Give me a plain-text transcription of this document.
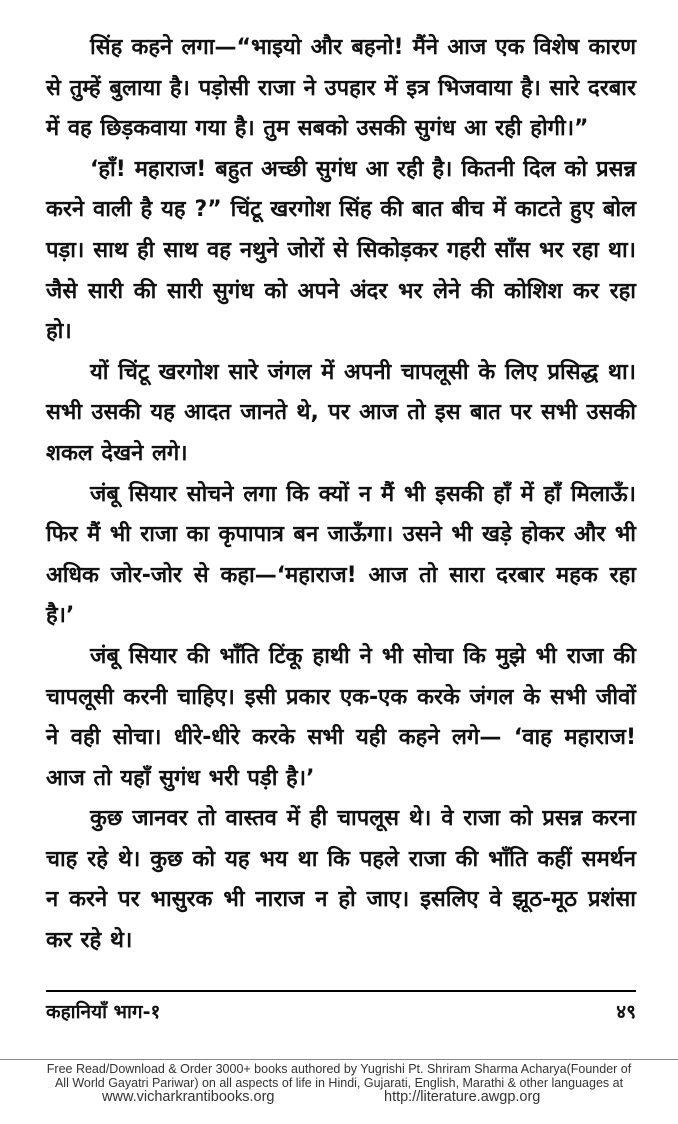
सिंह कहने लगा—“भाइयो और बहनो! मैंने आज एक विशेष कारण से तुम्हें बुलाया है। पड़ोसी राजा ने उपहार में इत्र भिजवाया है। सारे दरबार में वह छिड़कवाया गया है। तुम सबको उसकी सुगंध आ रही होगी।”

‘हाँ! महाराज! बहुत अच्छी सुगंध आ रही है। कितनी दिल को प्रसन्न करने वाली है यह ?” चिंटू खरगोश सिंह की बात बीच में काटते हुए बोल पड़ा। साथ ही साथ वह नथुने जोरों से सिकोड़कर गहरी साँस भर रहा था। जैसे सारी की सारी सुगंध को अपने अंदर भर लेने की कोशिश कर रहा हो।

यों चिंटू खरगोश सारे जंगल में अपनी चापलूसी के लिए प्रसिद्ध था। सभी उसकी यह आदत जानते थे, पर आज तो इस बात पर सभी उसकी शकल देखने लगे।

जंबू सियार सोचने लगा कि क्यों न मैं भी इसकी हाँ में हाँ मिलाऊँ। फिर मैं भी राजा का कृपापात्र बन जाऊँगा। उसने भी खड़े होकर और भी अधिक जोर-जोर से कहा—‘महाराज! आज तो सारा दरबार महक रहा है।’

जंबू सियार की भाँति टिंकू हाथी ने भी सोचा कि मुझे भी राजा की चापलूसी करनी चाहिए। इसी प्रकार एक-एक करके जंगल के सभी जीवों ने वही सोचा। धीरे-धीरे करके सभी यही कहने लगे— ‘वाह महाराज! आज तो यहाँ सुगंध भरी पड़ी है।’

कुछ जानवर तो वास्तव में ही चापलूस थे। वे राजा को प्रसन्न करना चाह रहे थे। कुछ को यह भय था कि पहले राजा की भाँति कहीं समर्थन न करने पर भासुरक भी नाराज न हो जाए। इसलिए वे झूठ-मूठ प्रशंसा कर रहे थे।

कहानियाँ भाग-१	४९
Free Read/Download & Order 3000+ books authored by Yugrishi Pt. Shriram Sharma Acharya(Founder of
All World Gayatri Pariwar) on all aspects of life in Hindi, Gujarati, English, Marathi & other languages at
www.vicharkrantibooks.org	http://literature.awgp.org
